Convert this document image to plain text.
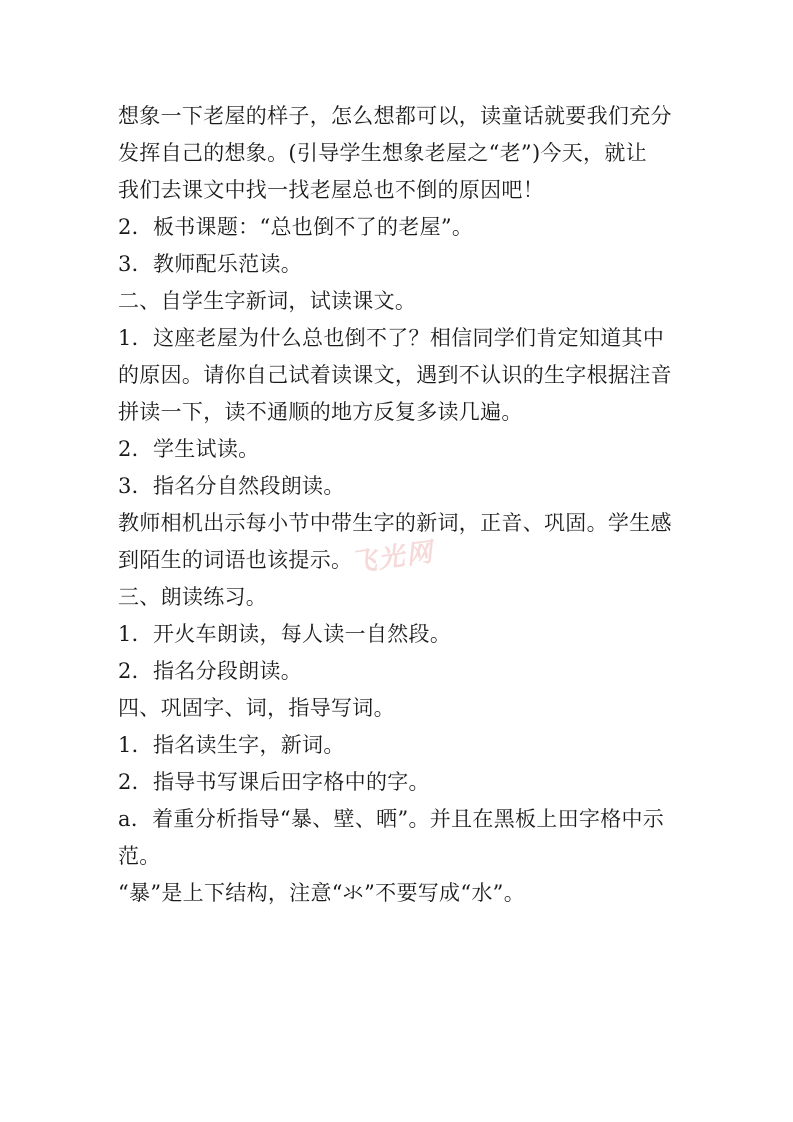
想象一下老屋的样子，怎么想都可以，读童话就要我们充分
发挥自己的想象。(引导学生想象老屋之“老”)今天，就让
我们去课文中找一找老屋总也不倒的原因吧！
2．板书课题：“总也倒不了的老屋”。
3．教师配乐范读。
二、自学生字新词，试读课文。
1．这座老屋为什么总也倒不了？相信同学们肯定知道其中
的原因。请你自己试着读课文，遇到不认识的生字根据注音
拼读一下，读不通顺的地方反复多读几遍。
2．学生试读。
3．指名分自然段朗读。
教师相机出示每小节中带生字的新词，正音、巩固。学生感
到陌生的词语也该提示。
三、朗读练习。
1．开火车朗读，每人读一自然段。
2．指名分段朗读。
四、巩固字、词，指导写词。
1．指名读生字，新词。
2．指导书写课后田字格中的字。
a．着重分析指导“暴、壁、晒”。并且在黑板上田字格中示
范。
“暴”是上下结构，注意“氺”不要写成“水”。
飞光网
